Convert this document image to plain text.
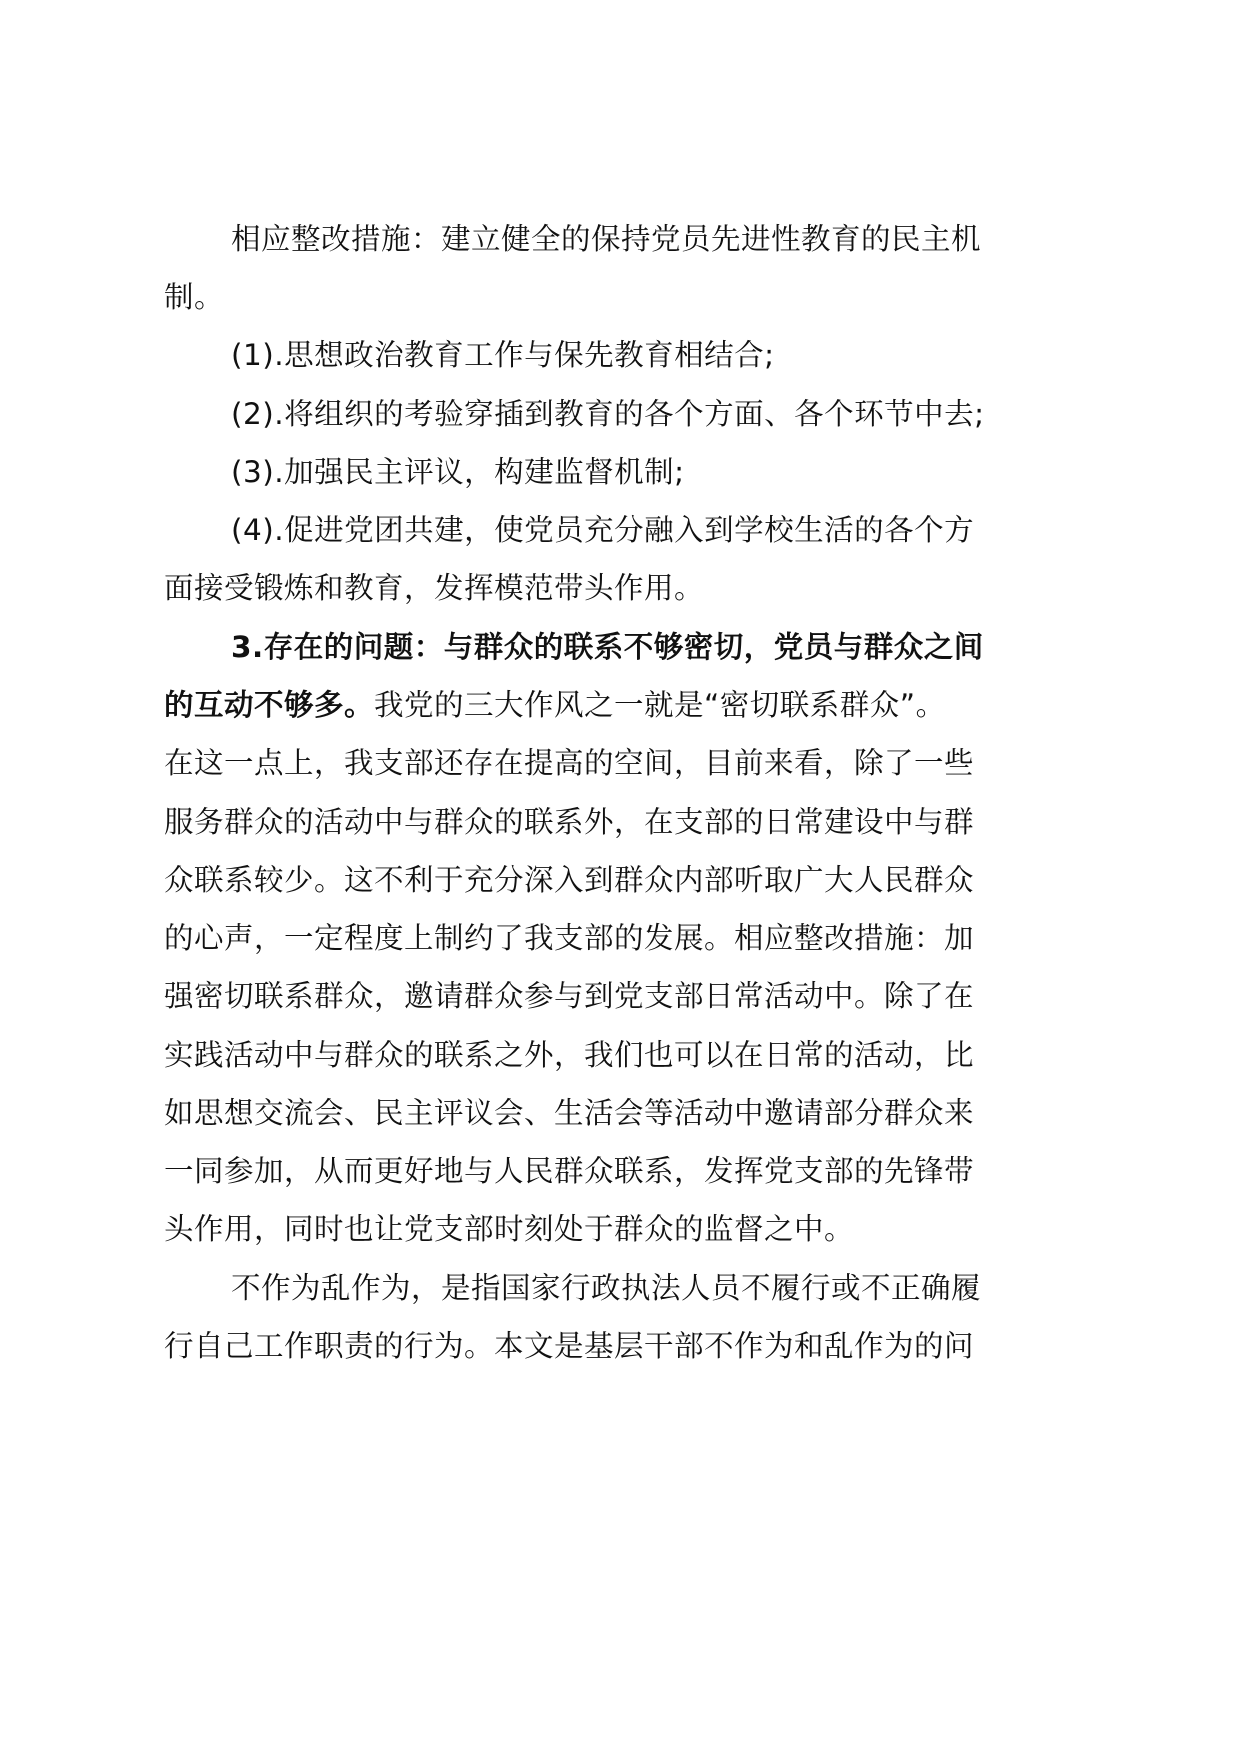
相应整改措施：建立健全的保持党员先进性教育的民主机
制。
(1).思想政治教育工作与保先教育相结合;
(2).将组织的考验穿插到教育的各个方面、各个环节中去;
(3).加强民主评议，构建监督机制;
(4).促进党团共建，使党员充分融入到学校生活的各个方
面接受锻炼和教育，发挥模范带头作用。
3.存在的问题：与群众的联系不够密切，党员与群众之间
的互动不够多。我党的三大作风之一就是“密切联系群众”。
在这一点上，我支部还存在提高的空间，目前来看，除了一些
服务群众的活动中与群众的联系外，在支部的日常建设中与群
众联系较少。这不利于充分深入到群众内部听取广大人民群众
的心声，一定程度上制约了我支部的发展。相应整改措施：加
强密切联系群众，邀请群众参与到党支部日常活动中。除了在
实践活动中与群众的联系之外，我们也可以在日常的活动，比
如思想交流会、民主评议会、生活会等活动中邀请部分群众来
一同参加，从而更好地与人民群众联系，发挥党支部的先锋带
头作用，同时也让党支部时刻处于群众的监督之中。
不作为乱作为，是指国家行政执法人员不履行或不正确履
行自己工作职责的行为。本文是基层干部不作为和乱作为的问
